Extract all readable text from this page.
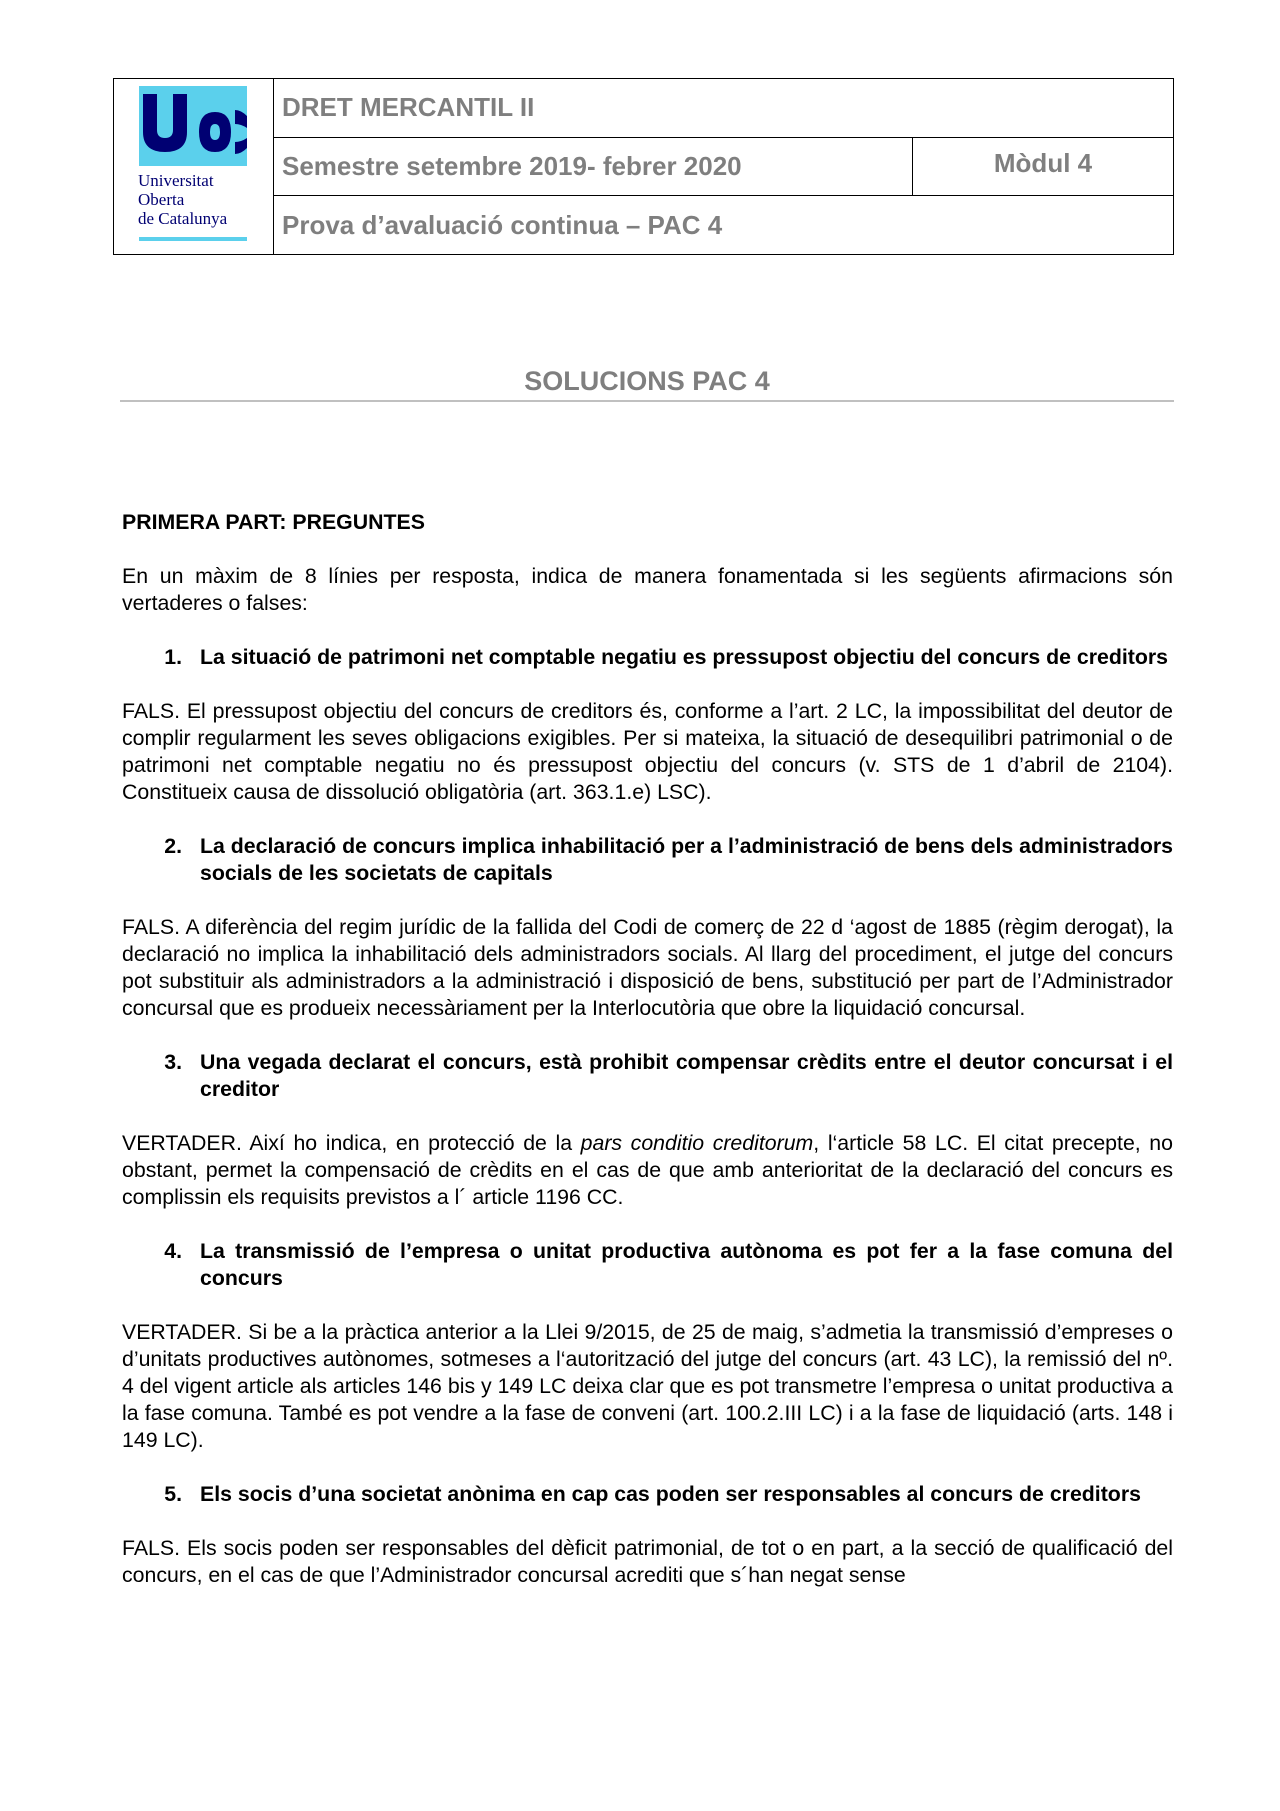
Universitat
Oberta
de Catalunya
DRET MERCANTIL II
Semestre setembre 2019- febrer 2020	Mòdul 4
Prova d’avaluació continua – PAC 4
SOLUCIONS PAC 4

PRIMERA PART: PREGUNTES

En un màxim de 8 línies per resposta, indica de manera fonamentada si les següents afirmacions són vertaderes o falses:

1. La situació de patrimoni net comptable negatiu es pressupost objectiu del concurs de creditors

FALS. El pressupost objectiu del concurs de creditors és, conforme a l’art. 2 LC, la impossibilitat del deutor de complir regularment les seves obligacions exigibles. Per si mateixa, la situació de desequilibri patrimonial o de patrimoni net comptable negatiu no és pressupost objectiu del concurs (v. STS de 1 d’abril de 2104). Constitueix causa de dissolució obligatòria (art. 363.1.e) LSC).

2. La declaració de concurs implica inhabilitació per a l’administració de bens dels administradors socials de les societats de capitals

FALS. A diferència del regim jurídic de la fallida del Codi de comerç de 22 d ‘agost de 1885 (règim derogat), la declaració no implica la inhabilitació dels administradors socials. Al llarg del procediment, el jutge del concurs pot substituir als administradors a la administració i disposició de bens, substitució per part de l’Administrador concursal que es produeix necessàriament per la Interlocutòria que obre la liquidació concursal.

3. Una vegada declarat el concurs, està prohibit compensar crèdits entre el deutor concursat i el creditor

VERTADER. Així ho indica, en protecció de la pars conditio creditorum, l‘article 58 LC. El citat precepte, no obstant, permet la compensació de crèdits en el cas de que amb anterioritat de la declaració del concurs es complissin els requisits previstos a l´ article 1196 CC.

4. La transmissió de l’empresa o unitat productiva autònoma es pot fer a la fase comuna del concurs

VERTADER. Si be a la pràctica anterior a la Llei 9/2015, de 25 de maig, s’admetia la transmissió d’empreses o d’unitats productives autònomes, sotmeses a l‘autorització del jutge del concurs (art. 43 LC), la remissió del nº. 4 del vigent article als articles 146 bis y 149 LC deixa clar que es pot transmetre l’empresa o unitat productiva a la fase comuna. També es pot vendre a la fase de conveni (art. 100.2.III LC) i a la fase de liquidació (arts. 148 i 149 LC).

5. Els socis d’una societat anònima en cap cas poden ser responsables al concurs de creditors

FALS. Els socis poden ser responsables del dèficit patrimonial, de tot o en part, a la secció de qualificació del concurs, en el cas de que l’Administrador concursal acrediti que s´han negat sense
